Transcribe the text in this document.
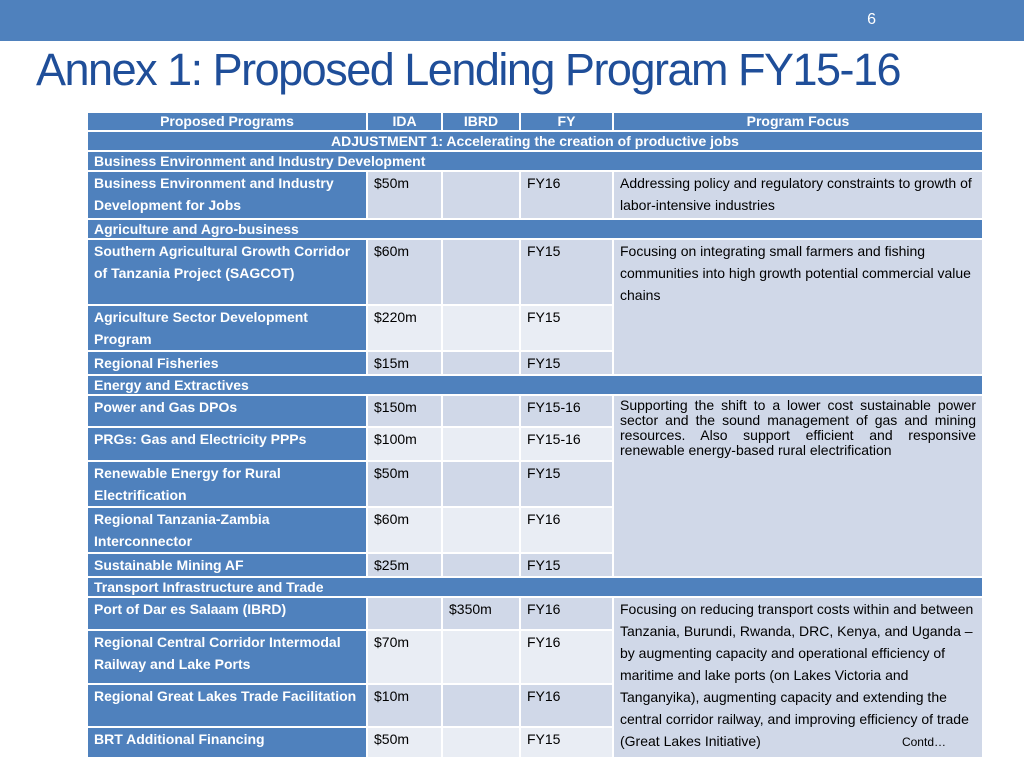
6
Annex 1: Proposed Lending Program FY15-16
Proposed Programs	IDA	IBRD	FY	Program Focus
ADJUSTMENT 1: Accelerating the creation of productive jobs				
Business Environment and Industry Development				
Business Environment and Industry Development for Jobs	$50m		FY16	Addressing policy and regulatory constraints to growth of labor-intensive industries
Agriculture and Agro-business				
Southern Agricultural Growth Corridor of Tanzania Project (SAGCOT)	$60m		FY15	Focusing on integrating small farmers and fishing communities into high growth potential commercial value chains
Agriculture Sector Development Program	$220m		FY15	
Regional Fisheries	$15m		FY15	
Energy and Extractives				
Power and Gas DPOs	$150m		FY15-16	Supporting the shift to a lower cost sustainable power sector and the sound management of gas and mining resources. Also support efficient and responsive renewable energy-based rural electrification
PRGs: Gas and Electricity PPPs	$100m		FY15-16	
Renewable Energy for Rural Electrification	$50m		FY15	
Regional Tanzania-Zambia Interconnector	$60m		FY16	
Sustainable Mining AF	$25m		FY15	
Transport Infrastructure and Trade				
Port of Dar es Salaam (IBRD)		$350m	FY16	Focusing on reducing transport costs within and between Tanzania, Burundi, Rwanda, DRC, Kenya, and Uganda – by augmenting capacity and operational efficiency of maritime and lake ports (on Lakes Victoria and Tanganyika), augmenting capacity and extending the central corridor railway, and improving efficiency of trade (Great Lakes Initiative) Contd…

Regional Central Corridor Intermodal Railway and Lake Ports	$70m		FY16	
Regional Great Lakes Trade Facilitation	$10m		FY16	
BRT Additional Financing	$50m		FY15	
